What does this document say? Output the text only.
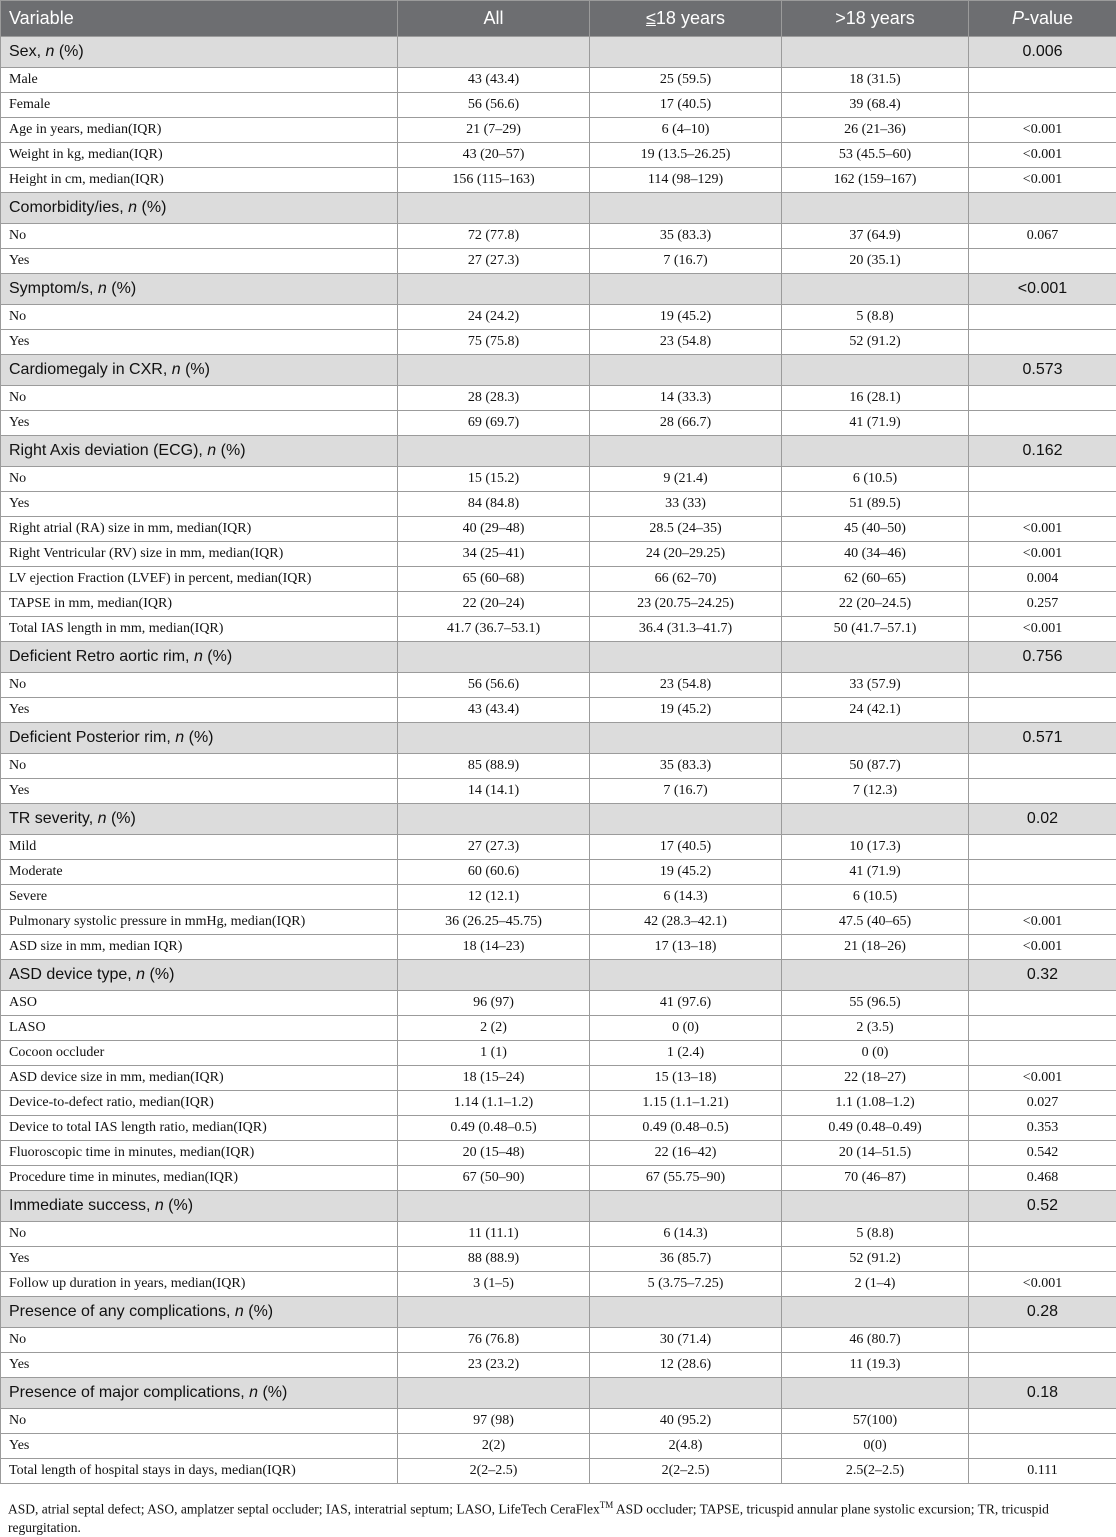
Variable	All	≤18 years	>18 years	P-value
Sex, n (%)				0.006
Male	43 (43.4)	25 (59.5)	18 (31.5)	
Female	56 (56.6)	17 (40.5)	39 (68.4)	
Age in years, median(IQR)	21 (7–29)	6 (4–10)	26 (21–36)	<0.001
Weight in kg, median(IQR)	43 (20–57)	19 (13.5–26.25)	53 (45.5–60)	<0.001
Height in cm, median(IQR)	156 (115–163)	114 (98–129)	162 (159–167)	<0.001
Comorbidity/ies, n (%)				
No	72 (77.8)	35 (83.3)	37 (64.9)	0.067
Yes	27 (27.3)	7 (16.7)	20 (35.1)	
Symptom/s, n (%)				<0.001
No	24 (24.2)	19 (45.2)	5 (8.8)	
Yes	75 (75.8)	23 (54.8)	52 (91.2)	
Cardiomegaly in CXR, n (%)				0.573
No	28 (28.3)	14 (33.3)	16 (28.1)	
Yes	69 (69.7)	28 (66.7)	41 (71.9)	
Right Axis deviation (ECG), n (%)				0.162
No	15 (15.2)	9 (21.4)	6 (10.5)	
Yes	84 (84.8)	33 (33)	51 (89.5)	
Right atrial (RA) size in mm, median(IQR)	40 (29–48)	28.5 (24–35)	45 (40–50)	<0.001
Right Ventricular (RV) size in mm, median(IQR)	34 (25–41)	24 (20–29.25)	40 (34–46)	<0.001
LV ejection Fraction (LVEF) in percent, median(IQR)	65 (60–68)	66 (62–70)	62 (60–65)	0.004
TAPSE in mm, median(IQR)	22 (20–24)	23 (20.75–24.25)	22 (20–24.5)	0.257
Total IAS length in mm, median(IQR)	41.7 (36.7–53.1)	36.4 (31.3–41.7)	50 (41.7–57.1)	<0.001
Deficient Retro aortic rim, n (%)				0.756
No	56 (56.6)	23 (54.8)	33 (57.9)	
Yes	43 (43.4)	19 (45.2)	24 (42.1)	
Deficient Posterior rim, n (%)				0.571
No	85 (88.9)	35 (83.3)	50 (87.7)	
Yes	14 (14.1)	7 (16.7)	7 (12.3)	
TR severity, n (%)				0.02
Mild	27 (27.3)	17 (40.5)	10 (17.3)	
Moderate	60 (60.6)	19 (45.2)	41 (71.9)	
Severe	12 (12.1)	6 (14.3)	6 (10.5)	
Pulmonary systolic pressure in mmHg, median(IQR)	36 (26.25–45.75)	42 (28.3–42.1)	47.5 (40–65)	<0.001
ASD size in mm, median IQR)	18 (14–23)	17 (13–18)	21 (18–26)	<0.001
ASD device type, n (%)				0.32
ASO	96 (97)	41 (97.6)	55 (96.5)	
LASO	2 (2)	0 (0)	2 (3.5)	
Cocoon occluder	1 (1)	1 (2.4)	0 (0)	
ASD device size in mm, median(IQR)	18 (15–24)	15 (13–18)	22 (18–27)	<0.001
Device-to-defect ratio, median(IQR)	1.14 (1.1–1.2)	1.15 (1.1–1.21)	1.1 (1.08–1.2)	0.027
Device to total IAS length ratio, median(IQR)	0.49 (0.48–0.5)	0.49 (0.48–0.5)	0.49 (0.48–0.49)	0.353
Fluoroscopic time in minutes, median(IQR)	20 (15–48)	22 (16–42)	20 (14–51.5)	0.542
Procedure time in minutes, median(IQR)	67 (50–90)	67 (55.75–90)	70 (46–87)	0.468
Immediate success, n (%)				0.52
No	11 (11.1)	6 (14.3)	5 (8.8)	
Yes	88 (88.9)	36 (85.7)	52 (91.2)	
Follow up duration in years, median(IQR)	3 (1–5)	5 (3.75–7.25)	2 (1–4)	<0.001
Presence of any complications, n (%)				0.28
No	76 (76.8)	30 (71.4)	46 (80.7)	
Yes	23 (23.2)	12 (28.6)	11 (19.3)	
Presence of major complications, n (%)				0.18
No	97 (98)	40 (95.2)	57(100)	
Yes	2(2)	2(4.8)	0(0)	
Total length of hospital stays in days, median(IQR)	2(2–2.5)	2(2–2.5)	2.5(2–2.5)	0.111
ASD, atrial septal defect; ASO, amplatzer septal occluder; IAS, interatrial septum; LASO, LifeTech CeraFlex™ ASD occluder; TAPSE, tricuspid annular plane systolic excursion; TR, tricuspid regurgitation.
